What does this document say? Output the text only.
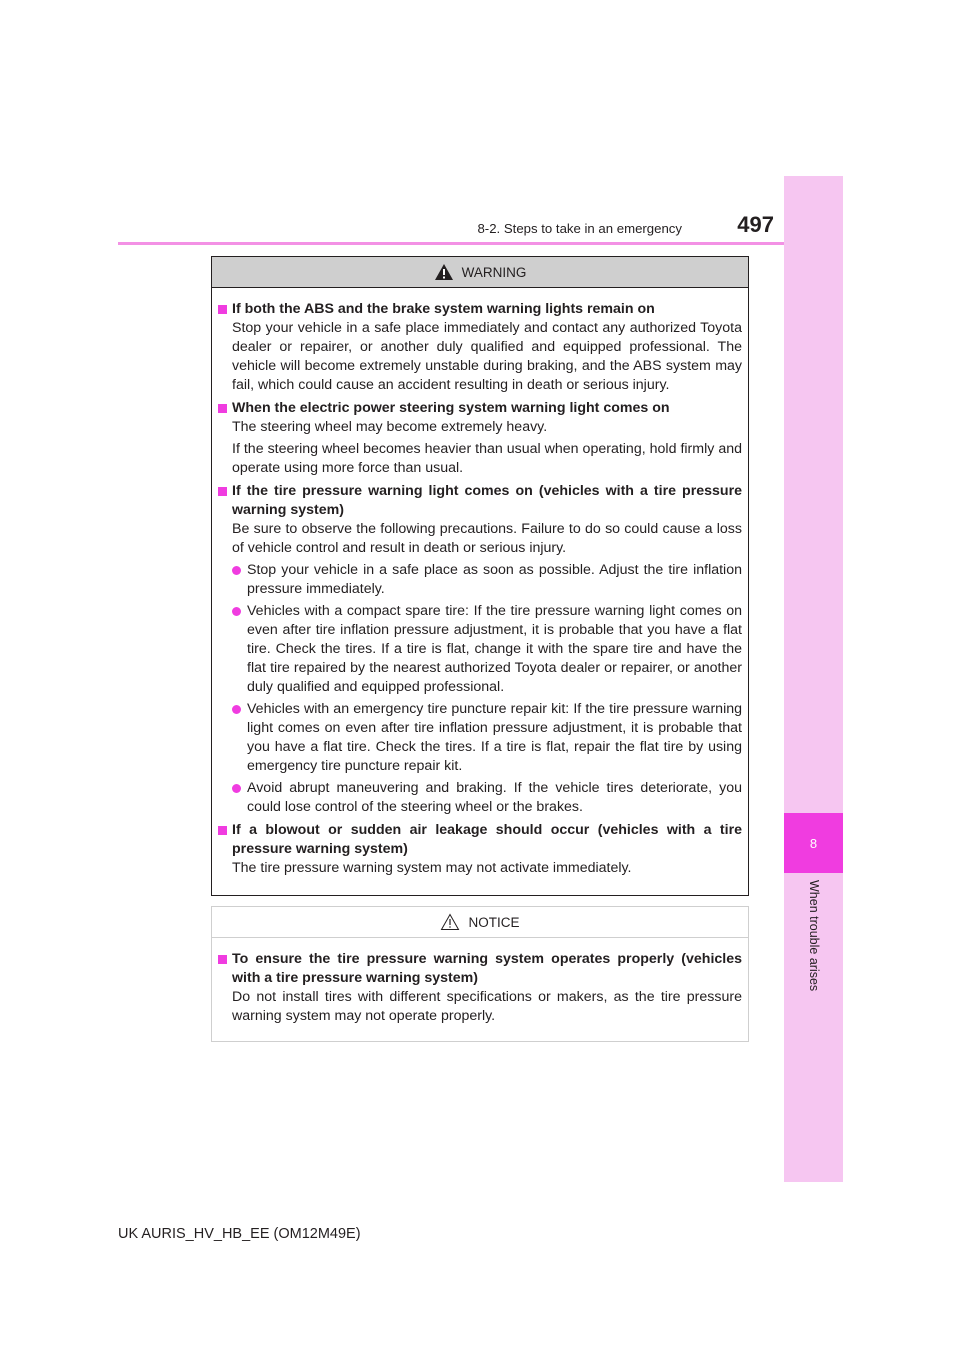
8
When trouble arises
8-2. Steps to take in an emergency	497
WARNING
If both the ABS and the brake system warning lights remain on

Stop your vehicle in a safe place immediately and contact any authorized Toyota dealer or repairer, or another duly qualified and equipped professional. The vehicle will become extremely unstable during braking, and the ABS system may fail, which could cause an accident resulting in death or serious injury.

When the electric power steering system warning light comes on

The steering wheel may become extremely heavy.

If the steering wheel becomes heavier than usual when operating, hold firmly and operate using more force than usual.

If the tire pressure warning light comes on (vehicles with a tire pressure warning system)

Be sure to observe the following precautions. Failure to do so could cause a loss of vehicle control and result in death or serious injury.

Stop your vehicle in a safe place as soon as possible. Adjust the tire inflation pressure immediately.
Vehicles with a compact spare tire: If the tire pressure warning light comes on even after tire inflation pressure adjustment, it is probable that you have a flat tire. Check the tires. If a tire is flat, change it with the spare tire and have the flat tire repaired by the nearest authorized Toyota dealer or repairer, or another duly qualified and equipped professional.
Vehicles with an emergency tire puncture repair kit: If the tire pressure warning light comes on even after tire inflation pressure adjustment, it is probable that you have a flat tire. Check the tires. If a tire is flat, repair the flat tire by using emergency tire puncture repair kit.
Avoid abrupt maneuvering and braking. If the vehicle tires deteriorate, you could lose control of the steering wheel or the brakes.
If a blowout or sudden air leakage should occur (vehicles with a tire pressure warning system)

The tire pressure warning system may not activate immediately.

NOTICE
To ensure the tire pressure warning system operates properly (vehicles with a tire pressure warning system)

Do not install tires with different specifications or makers, as the tire pressure warning system may not operate properly.

UK AURIS_HV_HB_EE (OM12M49E)
